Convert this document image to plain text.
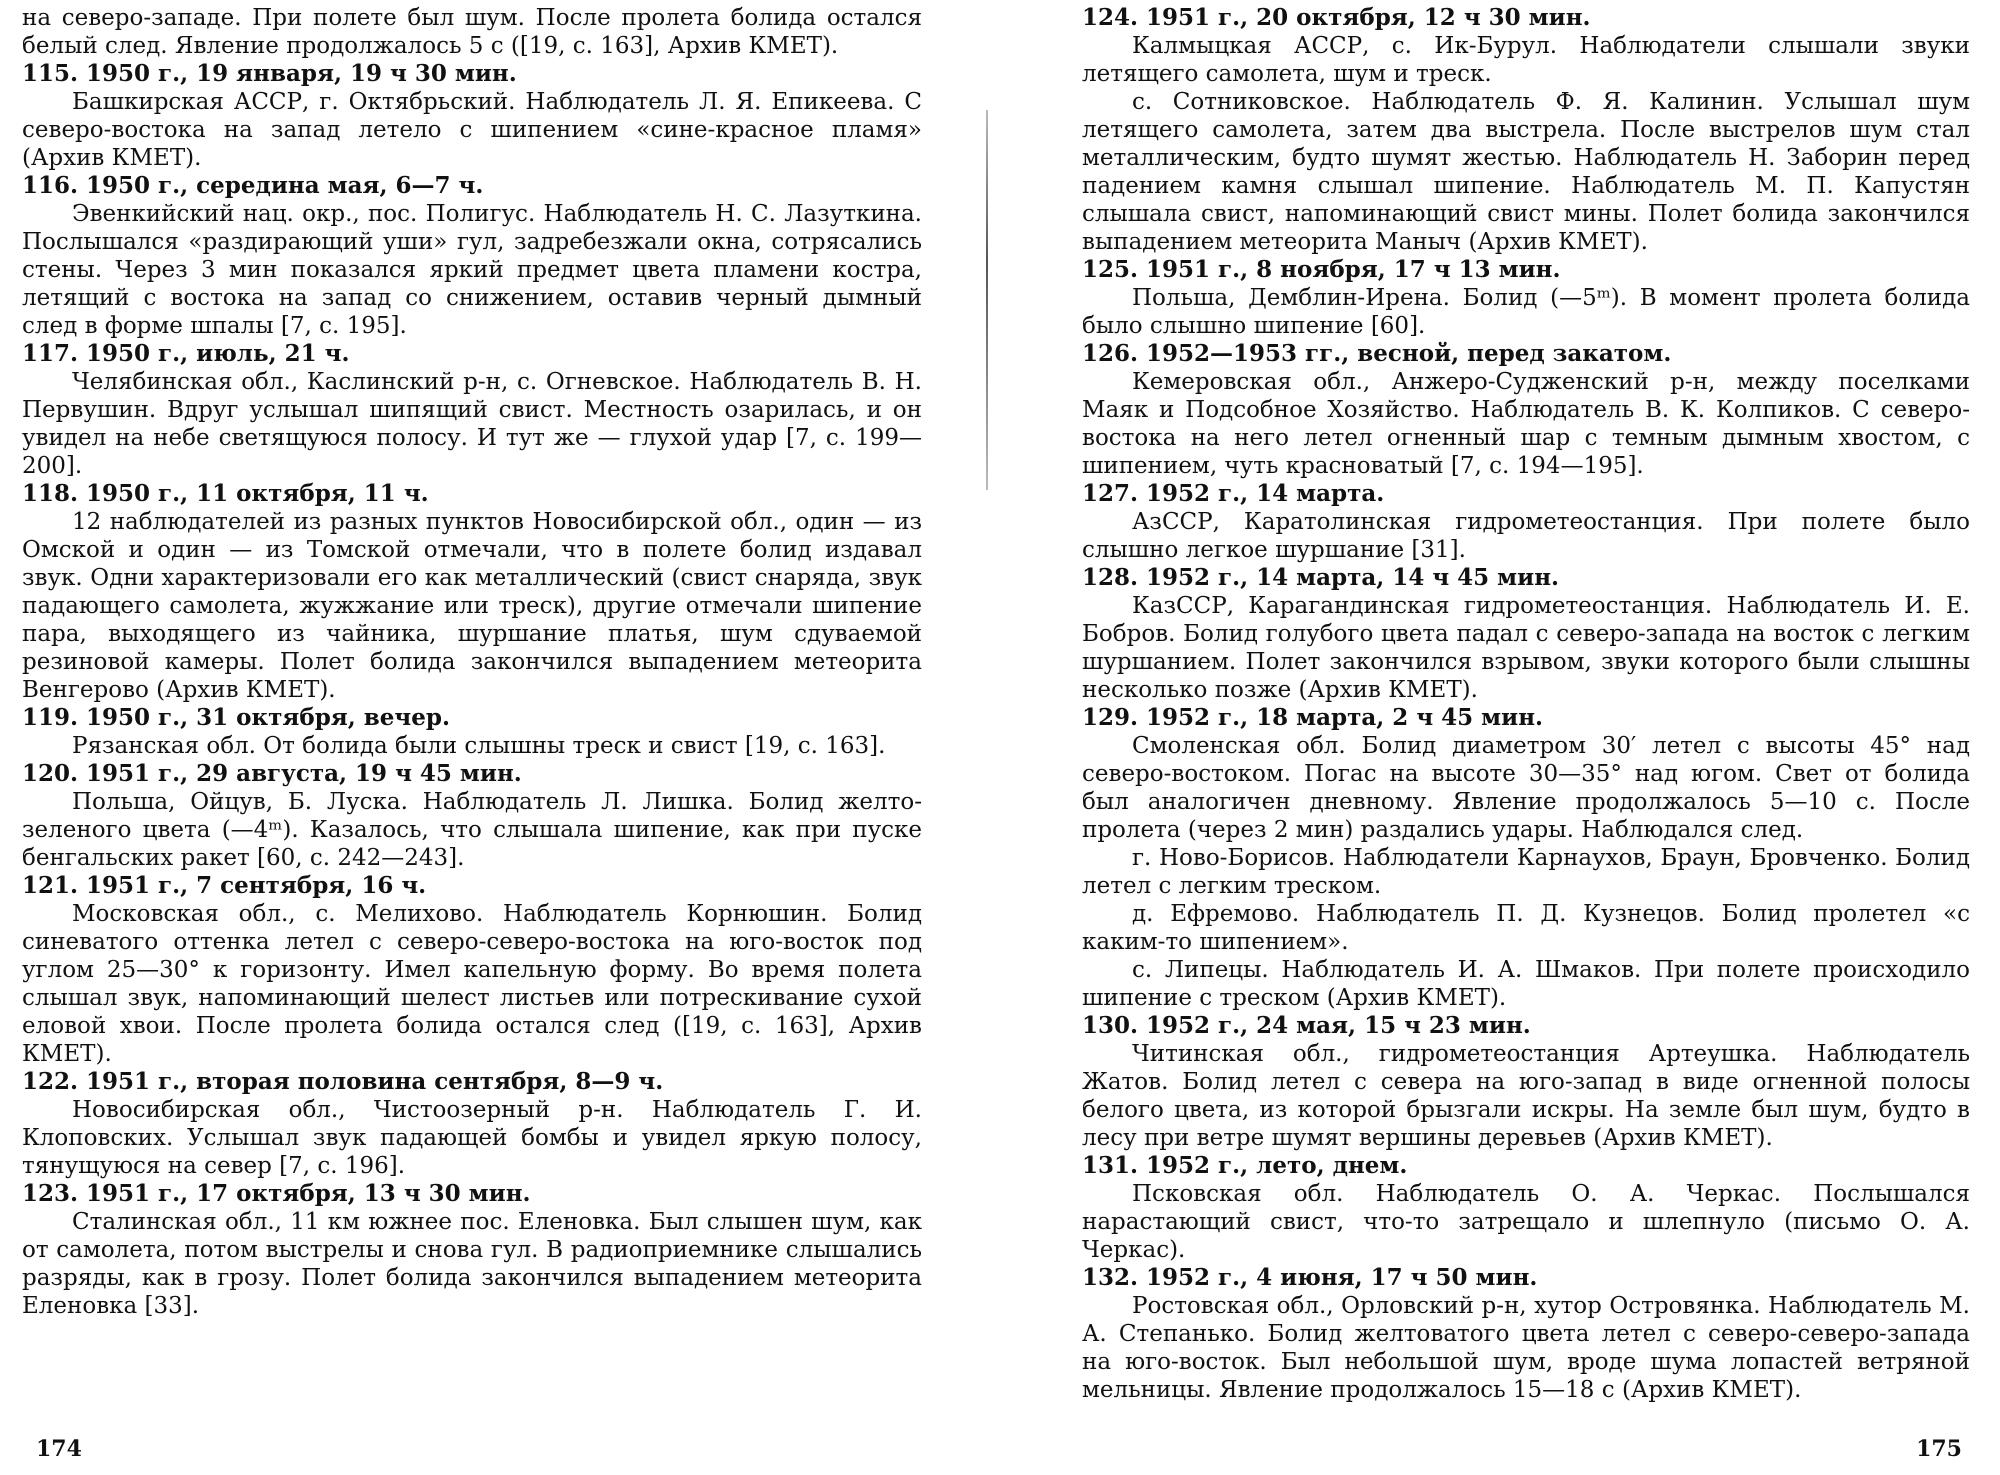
на северо-западе. При полете был шум. После пролета болида остался белый след. Явление продолжалось 5 с ([19, с. 163], Архив КМЕТ).

115. 1950 г., 19 января, 19 ч 30 мин.

Башкирская АССР, г. Октябрьский. Наблюдатель Л. Я. Епикеева. С северо-востока на запад летело с шипением «сине-красное пламя» (Архив КМЕТ).

116. 1950 г., середина мая, 6—7 ч.

Эвенкийский нац. окр., пос. Полигус. Наблюдатель Н. С. Лазуткина. Послышался «раздирающий уши» гул, задребезжали окна, сотрясались стены. Через 3 мин показался яркий предмет цвета пламени костра, летящий с востока на запад со снижением, оставив черный дымный след в форме шпалы [7, с. 195].

117. 1950 г., июль, 21 ч.

Челябинская обл., Каслинский р-н, с. Огневское. Наблюдатель В. Н. Первушин. Вдруг услышал шипящий свист. Местность озарилась, и он увидел на небе светящуюся полосу. И тут же — глухой удар [7, с. 199—200].

118. 1950 г., 11 октября, 11 ч.

12 наблюдателей из разных пунктов Новосибирской обл., один — из Омской и один — из Томской отмечали, что в полете болид издавал звук. Одни характеризовали его как металлический (свист снаряда, звук падающего самолета, жужжание или треск), другие отмечали шипение пара, выходящего из чайника, шуршание платья, шум сдуваемой резиновой камеры. Полет болида закончился выпадением метеорита Венгерово (Архив КМЕТ).

119. 1950 г., 31 октября, вечер.

Рязанская обл. От болида были слышны треск и свист [19, с. 163].

120. 1951 г., 29 августа, 19 ч 45 мин.

Польша, Ойцув, Б. Луска. Наблюдатель Л. Лишка. Болид желто-зеленого цвета (—4ᵐ). Казалось, что слышала шипение, как при пуске бенгальских ракет [60, с. 242—243].

121. 1951 г., 7 сентября, 16 ч.

Московская обл., с. Мелихово. Наблюдатель Корнюшин. Болид синеватого оттенка летел с северо-северо-востока на юго-восток под углом 25—30° к горизонту. Имел капельную форму. Во время полета слышал звук, напоминающий шелест листьев или потрескивание сухой еловой хвои. После пролета болида остался след ([19, с. 163], Архив КМЕТ).

122. 1951 г., вторая половина сентября, 8—9 ч.

Новосибирская обл., Чистоозерный р-н. Наблюдатель Г. И. Клоповских. Услышал звук падающей бомбы и увидел яркую полосу, тянущуюся на север [7, с. 196].

123. 1951 г., 17 октября, 13 ч 30 мин.

Сталинская обл., 11 км южнее пос. Еленовка. Был слышен шум, как от самолета, потом выстрелы и снова гул. В радиоприемнике слышались разряды, как в грозу. Полет болида закончился выпадением метеорита Еленовка [33].

174
124. 1951 г., 20 октября, 12 ч 30 мин.

Калмыцкая АССР, с. Ик-Бурул. Наблюдатели слышали звуки летящего самолета, шум и треск.

с. Сотниковское. Наблюдатель Ф. Я. Калинин. Услышал шум летящего самолета, затем два выстрела. После выстрелов шум стал металлическим, будто шумят жестью. Наблюдатель Н. Заборин перед падением камня слышал шипение. Наблюдатель М. П. Капустян слышала свист, напоминающий свист мины. Полет болида закончился выпадением метеорита Маныч (Архив КМЕТ).

125. 1951 г., 8 ноября, 17 ч 13 мин.

Польша, Демблин-Ирена. Болид (—5ᵐ). В момент пролета болида было слышно шипение [60].

126. 1952—1953 гг., весной, перед закатом.

Кемеровская обл., Анжеро-Судженский р-н, между поселками Маяк и Подсобное Хозяйство. Наблюдатель В. К. Колпиков. С северо-востока на него летел огненный шар с темным дымным хвостом, с шипением, чуть красноватый [7, с. 194—195].

127. 1952 г., 14 марта.

АзССР, Каратолинская гидрометеостанция. При полете было слышно легкое шуршание [31].

128. 1952 г., 14 марта, 14 ч 45 мин.

КазССР, Карагандинская гидрометеостанция. Наблюдатель И. Е. Бобров. Болид голубого цвета падал с северо-запада на восток с легким шуршанием. Полет закончился взрывом, звуки которого были слышны несколько позже (Архив КМЕТ).

129. 1952 г., 18 марта, 2 ч 45 мин.

Смоленская обл. Болид диаметром 30′ летел с высоты 45° над северо-востоком. Погас на высоте 30—35° над югом. Свет от болида был аналогичен дневному. Явление продолжалось 5—10 с. После пролета (через 2 мин) раздались удары. Наблюдался след.

г. Ново-Борисов. Наблюдатели Карнаухов, Браун, Бровченко. Болид летел с легким треском.

д. Ефремово. Наблюдатель П. Д. Кузнецов. Болид пролетел «с каким-то шипением».

с. Липецы. Наблюдатель И. А. Шмаков. При полете происходило шипение с треском (Архив КМЕТ).

130. 1952 г., 24 мая, 15 ч 23 мин.

Читинская обл., гидрометеостанция Артеушка. Наблюдатель Жатов. Болид летел с севера на юго-запад в виде огненной полосы белого цвета, из которой брызгали искры. На земле был шум, будто в лесу при ветре шумят вершины деревьев (Архив КМЕТ).

131. 1952 г., лето, днем.

Псковская обл. Наблюдатель О. А. Черкас. Послышался нарастающий свист, что-то затрещало и шлепнуло (письмо О. А. Черкас).

132. 1952 г., 4 июня, 17 ч 50 мин.

Ростовская обл., Орловский р-н, хутор Островянка. Наблюдатель М. А. Степанько. Болид желтоватого цвета летел с северо-северо-запада на юго-восток. Был небольшой шум, вроде шума лопастей ветряной мельницы. Явление продолжалось 15—18 с (Архив КМЕТ).

175
